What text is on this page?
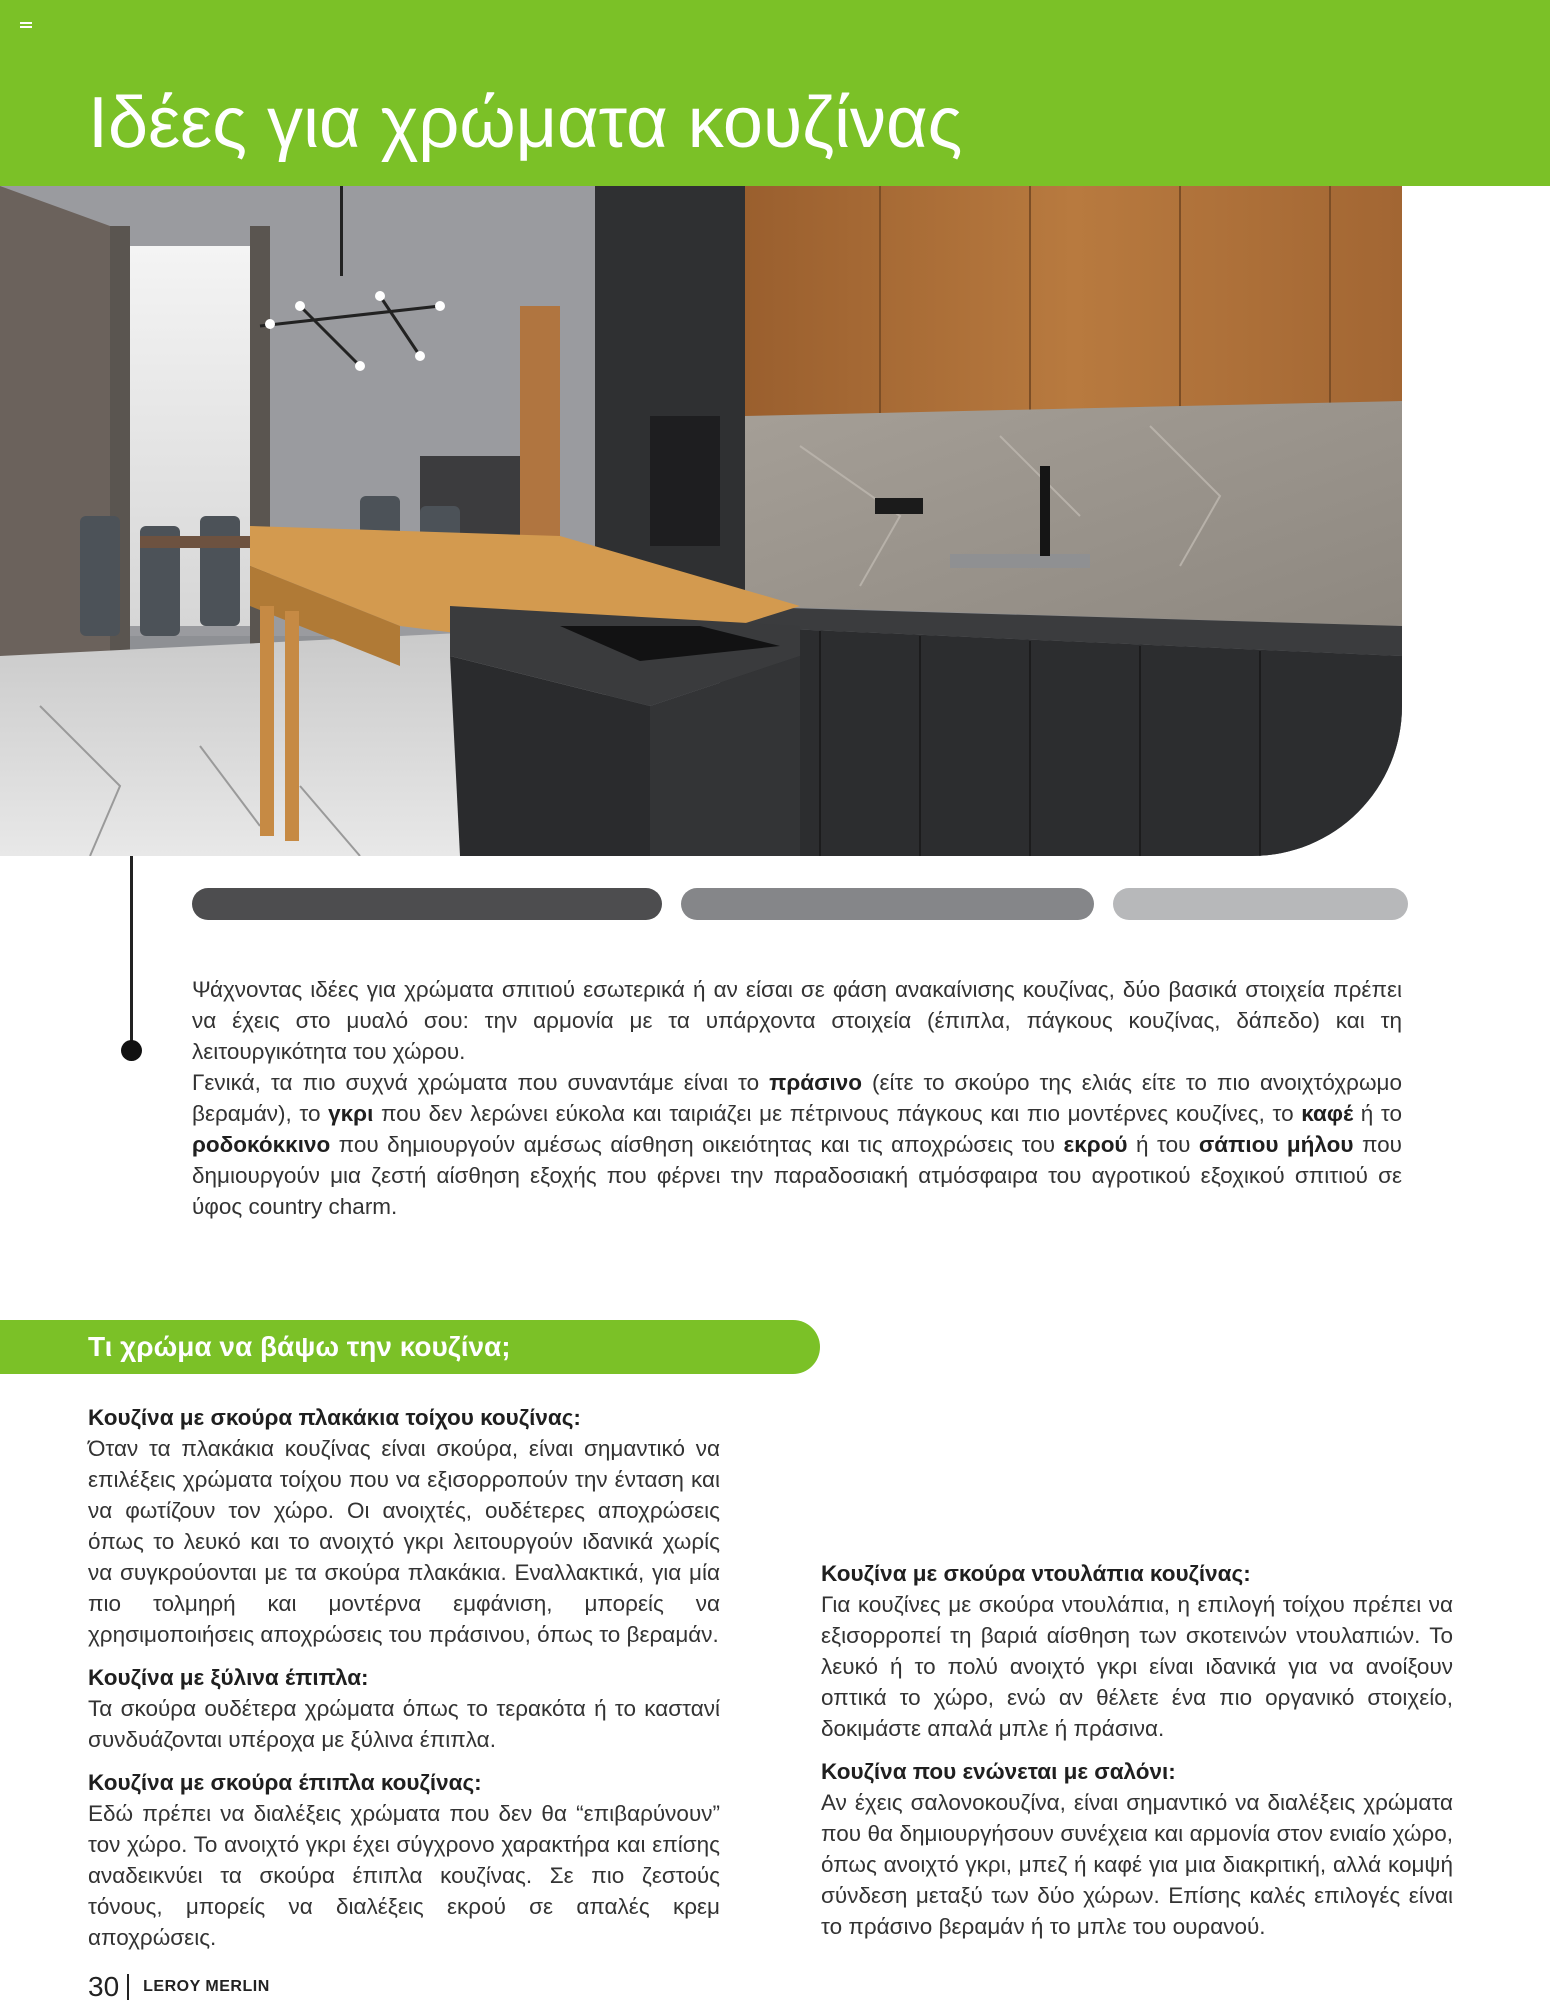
Ιδέες για χρώματα κουζίνας

Ψάχνοντας ιδέες για χρώματα σπιτιού εσωτερικά ή αν είσαι σε φάση ανακαίνισης κουζίνας, δύο βασικά στοιχεία πρέπει να έχεις στο μυαλό σου: την αρμονία με τα υπάρχοντα στοιχεία (έπιπλα, πάγκους κουζίνας, δάπεδο) και τη λειτουργικότητα του χώρου.

Γενικά, τα πιο συχνά χρώματα που συναντάμε είναι το πράσινο (είτε το σκούρο της ελιάς είτε το πιο ανοιχτόχρωμο βεραμάν), το γκρι που δεν λερώνει εύκολα και ταιριάζει με πέτρινους πάγκους και πιο μοντέρνες κουζίνες, το καφέ ή το ροδοκόκκινο που δημιουργούν αμέσως αίσθηση οικειότητας και τις αποχρώσεις του εκρού ή του σάπιου μήλου που δημιουργούν μια ζεστή αίσθηση εξοχής που φέρνει την παραδοσιακή ατμόσφαιρα του αγροτικού εξοχικού σπιτιού σε ύφος country charm.

Τι χρώμα να βάψω την κουζίνα;
Κουζίνα με σκούρα πλακάκια τοίχου κουζίνας:

Όταν τα πλακάκια κουζίνας είναι σκούρα, είναι σημαντικό να επιλέξεις χρώματα τοίχου που να εξισορροπούν την ένταση και να φωτίζουν τον χώρο. Οι ανοιχτές, ουδέτερες αποχρώσεις όπως το λευκό και το ανοιχτό γκρι λειτουργούν ιδανικά χωρίς να συγκρούονται με τα σκούρα πλακάκια. Εναλλακτικά, για μία πιο τολμηρή και μοντέρνα εμφάνιση, μπορείς να χρησιμοποιήσεις αποχρώσεις του πράσινου, όπως το βεραμάν.

Κουζίνα με ξύλινα έπιπλα:

Τα σκούρα ουδέτερα χρώματα όπως το τερακότα ή το καστανί συνδυάζονται υπέροχα με ξύλινα έπιπλα.

Κουζίνα με σκούρα έπιπλα κουζίνας:

Εδώ πρέπει να διαλέξεις χρώματα που δεν θα “επιβαρύνουν” τον χώρο. Το ανοιχτό γκρι έχει σύγχρονο χαρακτήρα και επίσης αναδεικνύει τα σκούρα έπιπλα κουζίνας. Σε πιο ζεστούς τόνους, μπορείς να διαλέξεις εκρού σε απαλές κρεμ αποχρώσεις.

Κουζίνα με σκούρα ντουλάπια κουζίνας:

Για κουζίνες με σκούρα ντουλάπια, η επιλογή τοίχου πρέπει να εξισορροπεί τη βαριά αίσθηση των σκοτεινών ντουλαπιών. Το λευκό ή το πολύ ανοιχτό γκρι είναι ιδανικά για να ανοίξουν οπτικά το χώρο, ενώ αν θέλετε ένα πιο οργανικό στοιχείο, δοκιμάστε απαλά μπλε ή πράσινα.

Κουζίνα που ενώνεται με σαλόνι:

Αν έχεις σαλονοκουζίνα, είναι σημαντικό να διαλέξεις χρώματα που θα δημιουργήσουν συνέχεια και αρμονία στον ενιαίο χώρο, όπως ανοιχτό γκρι, μπεζ ή καφέ για μια διακριτική, αλλά κομψή σύνδεση μεταξύ των δύο χώρων. Επίσης καλές επιλογές είναι το πράσινο βεραμάν ή το μπλε του ουρανού.

30 LEROY MERLIN
